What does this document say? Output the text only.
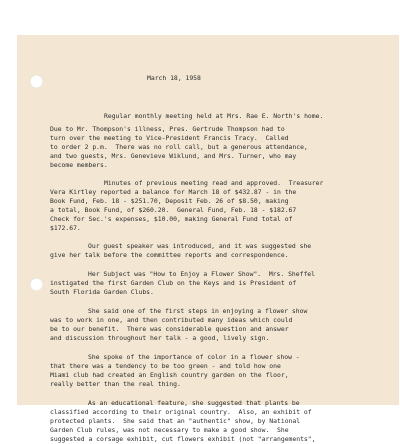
March 18, 1958

Regular monthly meeting held at Mrs. Rae E. North's home.

Due to Mr. Thompson's illness, Pres. Gertrude Thompson had to

turn over the meeting to Vice-President Francis Tracy.  Called

to order 2 p.m.  There was no roll call, but a generous attendance,

and two guests, Mrs. Genevieve Wiklund, and Mrs. Turner, who may

become members.

Minutes of previous meeting read and approved.  Treasurer

Vera Kirtley reported a balance for March 18 of $432.87 - in the

Book Fund, Feb. 18 - $251.70, Deposit Feb. 26 of $8.50, making

a total, Book Fund, of $260.20.  General Fund, Feb. 18 - $182.67

Check for Sec.'s expenses, $10.00, making General Fund total of

$172.67.

Our guest speaker was introduced, and it was suggested she

give her talk before the committee reports and correspondence.

Her Subject was "How to Enjoy a Flower Show".  Mrs. Sheffel

instigated the first Garden Club on the Keys and is President of

South Florida Garden Clubs.

She said one of the first steps in enjoying a flower show

was to work in one, and then contributed many ideas which could

be to our benefit.  There was considerable question and answer

and discussion throughout her talk - a good, lively sign.

She spoke of the importance of color in a flower show -

that there was a tendency to be too green - and told how one

Miami club had created an English country garden on the floor,

really better than the real thing.

As an educational feature, she suggested that plants be

classified according to their original country.  Also, an exhibit of

protected plants.  She said that an "authentic" show, by National

Garden Club rules, was not necessary to make a good show.  She

suggested a corsage exhibit, cut flowers exhibit (not "arrangements",
